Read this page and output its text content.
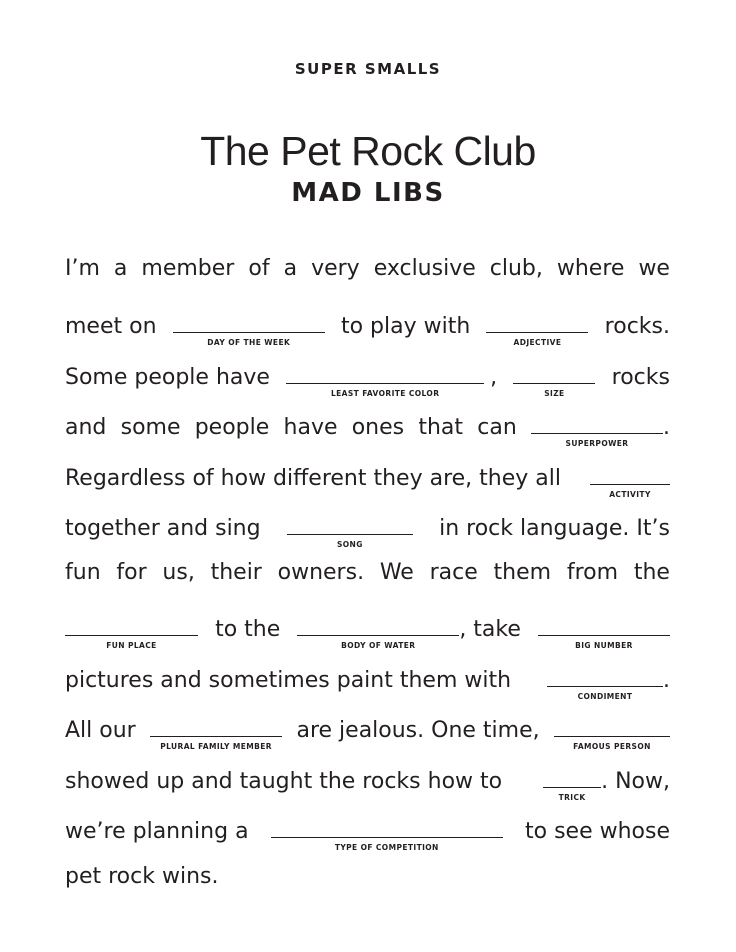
SUPER SMALLS
The Pet Rock Club
MAD LIBS
I’m a member of a very exclusive club, where we
meet on
DAY OF THE WEEK
to play with
ADJECTIVE
rocks.
Some people have
LEAST FAVORITE COLOR
,
SIZE
rocks
and some people have ones that can
SUPERPOWER
.
Regardless of how different they are, they all
ACTIVITY
together and sing
SONG
in rock language. It’s
fun for us, their owners. We race them from the
FUN PLACE
to the
BODY OF WATER
, take
BIG NUMBER
pictures and sometimes paint them with
CONDIMENT
.
All our
PLURAL FAMILY MEMBER
are jealous. One time,
FAMOUS PERSON
showed up and taught the rocks how to
TRICK
. Now,
we’re planning a
TYPE OF COMPETITION
to see whose
pet rock wins.
